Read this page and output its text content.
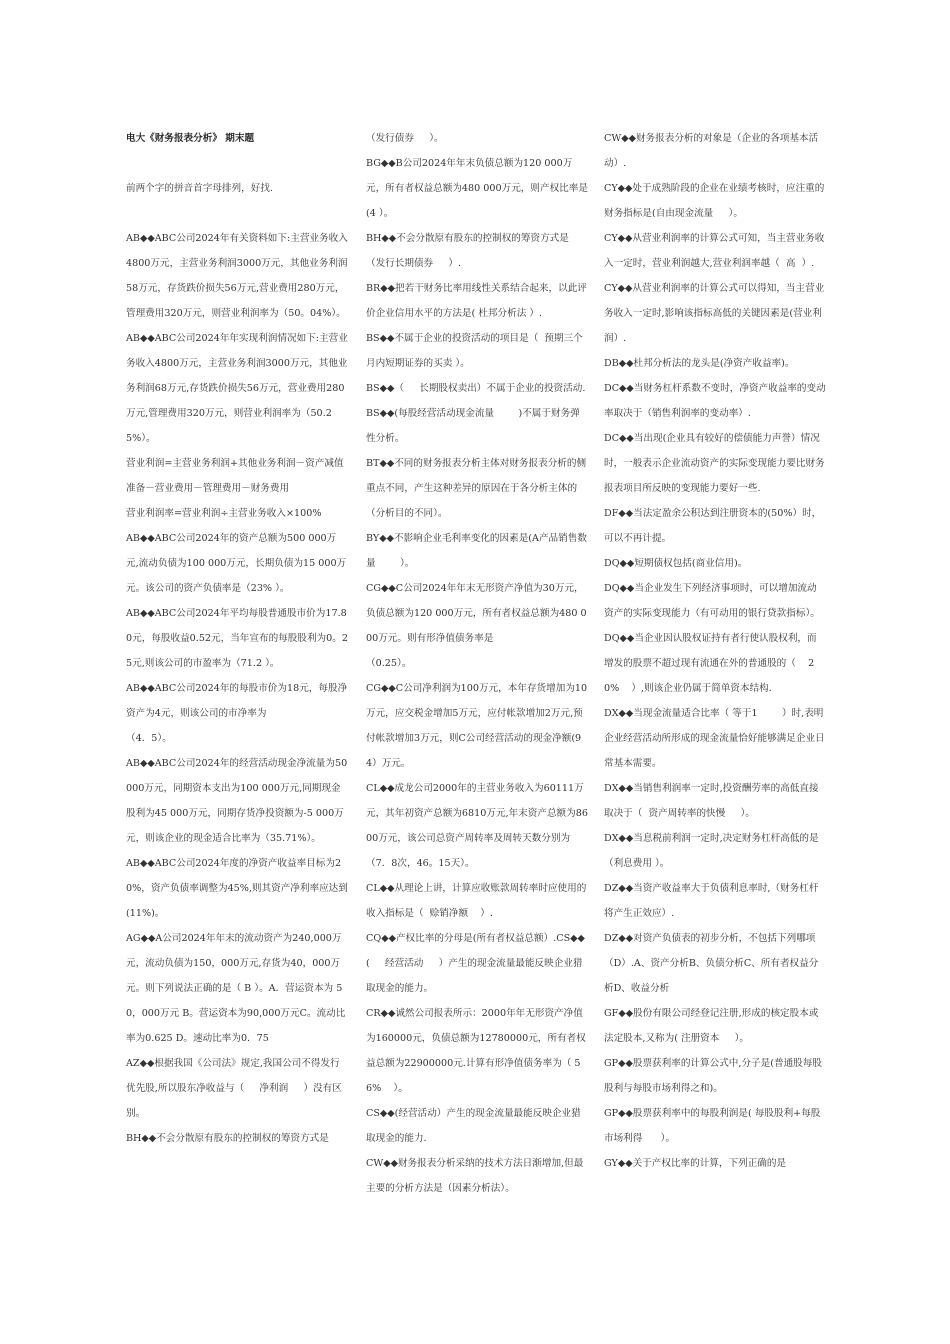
电大《财务报表分析》 期末题
前两个字的拼音首字母排列，好找.
AB◆◆ABC公司2024年有关资料如下:主营业务收入4800万元，主营业务利润3000万元，其他业务利润58万元，存货跌价损失56万元,营业费用280万元，管理费用320万元，则营业利润率为（50。04%）。
AB◆◆ABC公司2024年年实现利润情况如下:主营业务收入4800万元，主营业务利润3000万元，其他业务利润68万元,存货跌价损失56万元，营业费用280万元,管理费用320万元，则营业利润率为（50.25%）。
营业利润=主营业务利润+其他业务利润－资产减值准备－营业费用－管理费用－财务费用
营业利润率=营业利润÷主营业务收入×100%
AB◆◆ABC公司2024年的资产总额为500 000万元,流动负债为100 000万元，长期负债为15 000万元。该公司的资产负债率是（23% ）。
AB◆◆ABC公司2024年平均每股普通股市价为17.80元，每股收益0.52元，当年宣布的每股股利为0。25元,则该公司的市盈率为（71.2 ）。
AB◆◆ABC公司2024年的每股市价为18元，每股净资产为4元，则该公司的市净率为
（4．5）。
AB◆◆ABC公司2024年的经营活动现金净流量为50 000万元，同期资本支出为100 000万元,同期现金股利为45 000万元，同期存货净投资额为-5 000万元，则该企业的现金适合比率为（35.71%）。
AB◆◆ABC公司2024年度的净资产收益率目标为20%，资产负债率调整为45%,则其资产净利率应达到(11%)。
AG◆◆A公司2024年年末的流动资产为240,000万元，流动负债为150，000万元,存货为40，000万元。则下列说法正确的是（ B ）。A．营运资本为 50，000万元 B。营运资本为90,000万元C。流动比率为0.625 D。速动比率为0．75
AZ◆◆根据我国《公司法》规定,我国公司不得发行优先股,所以股东净收益与（     净利润     ）没有区别。
BH◆◆不会分散原有股东的控制权的筹资方式是
（发行债券     ）。
BG◆◆B公司2024年年末负债总额为120 000万元，所有者权益总额为480 000万元，则产权比率是(4 ）。
BH◆◆不会分散原有股东的控制权的筹资方式是（发行长期债券     ）.
BR◆◆把若干财务比率用线性关系结合起来，以此评价企业信用水平的方法是( 杜邦分析法 ）.
BS◆◆不属于企业的投资活动的项目是（  预期三个月内短期证券的买卖 ）。
BS◆◆（     长期股权卖出）不属于企业的投资活动.
BS◆◆(每股经营活动现金流量        )不属于财务弹性分析。
BT◆◆不同的财务报表分析主体对财务报表分析的侧重点不同，产生这种差异的原因在于各分析主体的（分析目的不同）。
BY◆◆不影响企业毛利率变化的因素是(A产品销售数量        ）。
CG◆◆C公司2024年年末无形资产净值为30万元，负债总额为120 000万元，所有者权益总额为480 000万元。则有形净值债务率是
（0.25）。
CG◆◆C公司净利润为100万元，本年存货增加为10万元，应交税金增加5万元，应付帐款增加2万元,预付帐款增加3万元，则C公司经营活动的现金净额(94）万元。
CL◆◆成龙公司2000年的主营业务收入为60111万元，其年初资产总额为6810万元,年末资产总额为8600万元，该公司总资产周转率及周转天数分别为（7．8次，46。15天）。
CL◆◆从理论上讲，计算应收账款周转率时应使用的收入指标是（  赊销净额    ）.
CQ◆◆产权比率的分母是(所有者权益总额）.CS◆◆(     经营活动     ）产生的现金流量最能反映企业猎取现金的能力。
CR◆◆诚然公司报表所示：2000年年无形资产净值为160000元，负债总额为12780000元，所有者权益总额为22900000元.计算有形净值债务率为（ 56%    ）。
CS◆◆(经营活动）产生的现金流量最能反映企业猎取现金的能力.
CW◆◆财务报表分析采纳的技术方法日渐增加,但最主要的分析方法是（因素分析法）。
CW◆◆财务报表分析的对象是（企业的各项基本活动）.
CY◆◆处于成熟阶段的企业在业绩考核时，应注重的财务指标是(自由现金流量     ）。
CY◆◆从营业利润率的计算公式可知，当主营业务收入一定时，营业利润越大,营业利润率越（  高  ）.
CY◆◆从营业利润率的计算公式可以得知，当主营业务收入一定时,影响该指标高低的关键因素是(营业利润）.
DB◆◆杜邦分析法的龙头是(净资产收益率)。
DC◆◆当财务杠杆系数不变时，净资产收益率的变动率取决于（销售利润率的变动率）.
DC◆◆当出现(企业具有较好的偿债能力声誉）情况时，一般表示企业流动资产的实际变现能力要比财务报表项目所反映的变现能力要好一些.
DF◆◆当法定盈余公积达到注册资本的(50%）时，可以不再计提。
DQ◆◆短期债权包括(商业信用)。
DQ◆◆当企业发生下列经济事项时，可以增加流动资产的实际变现能力（有可动用的银行贷款指标）。
DQ◆◆当企业因认股权证持有者行使认股权利，而增发的股票不超过现有流通在外的普通股的（    20%    ）,则该企业仍属于简单资本结构.
DX◆◆当现金流量适合比率（ 等于1        ）时,表明企业经营活动所形成的现金流量恰好能够满足企业日常基本需要。
DX◆◆当销售利润率一定时,投资酬劳率的高低直接取决于（  资产周转率的快慢     ）。
DX◆◆当息税前利润一定时,决定财务杠杆高低的是（利息费用 ）。
DZ◆◆当资产收益率大于负债利息率时,（财务杠杆将产生正效应）.
DZ◆◆对资产负债表的初步分析，不包括下列哪项（D）.A、资产分析B、负债分析C、所有者权益分析D、收益分析
GF◆◆股份有限公司经登记注册,形成的核定股本或法定股本,又称为( 注册资本     ）。
GP◆◆股票获利率的计算公式中,分子是(普通股每股股利与每股市场利得之和)。
GP◆◆股票获利率中的每股利润是( 每股股利+每股市场利得      ）。
GY◆◆关于产权比率的计算，下列正确的是
